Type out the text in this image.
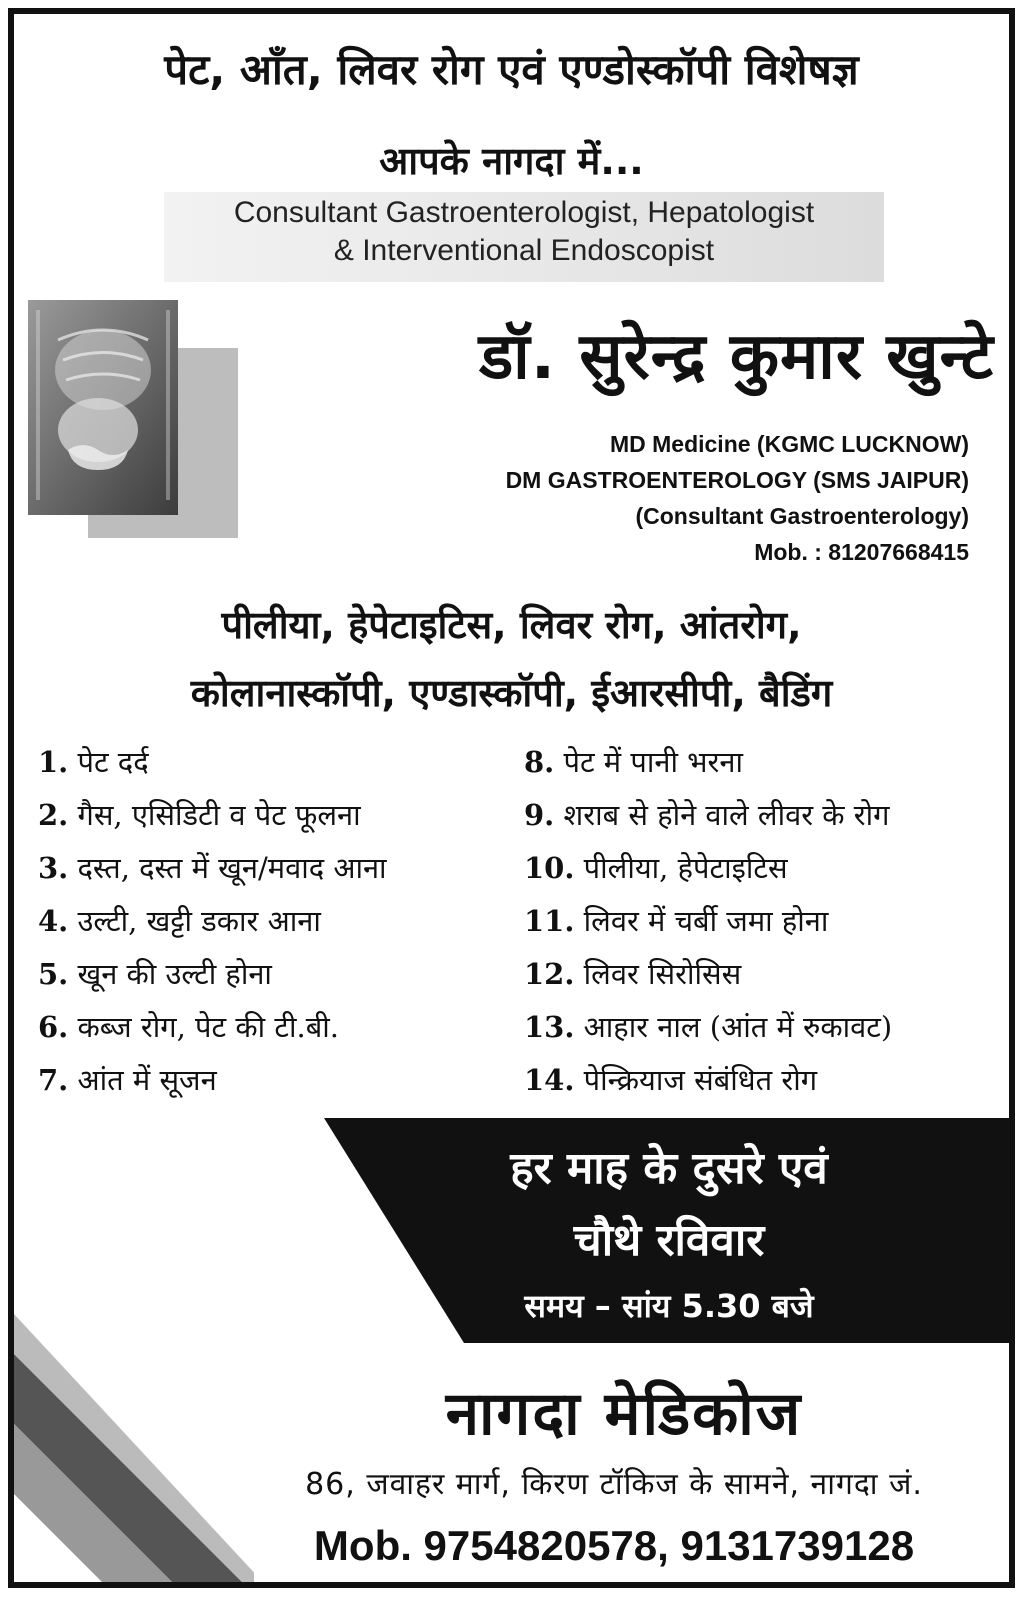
पेट, आँत, लिवर रोग एवं एण्डोस्कॉपी विशेषज्ञ
आपके नागदा में...
Consultant Gastroenterologist, Hepatologist
& Interventional Endoscopist
डॉ. सुरेन्द्र कुमार खुन्टे
MD Medicine (KGMC LUCKNOW)
DM GASTROENTEROLOGY (SMS JAIPUR)
(Consultant Gastroenterology)
Mob. : 81207668415
पीलीया, हेपेटाइटिस, लिवर रोग, आंतरोग,
कोलानास्कॉपी, एण्डास्कॉपी, ईआरसीपी, बैडिंग
1. पेट दर्द
2. गैस, एसिडिटी व पेट फूलना
3. दस्त, दस्त में खून/मवाद आना
4. उल्टी, खट्टी डकार आना
5. खून की उल्टी होना
6. कब्ज रोग, पेट की टी.बी.
7. आंत में सूजन
8. पेट में पानी भरना
9. शराब से होने वाले लीवर के रोग
10. पीलीया, हेपेटाइटिस
11. लिवर में चर्बी जमा होना
12. लिवर सिरोसिस
13. आहार नाल (आंत में रुकावट)
14. पेन्क्रियाज संबंधित रोग
हर माह के दुसरे एवं
चौथे रविवार
समय – सांय 5.30 बजे
नागदा मेडिकोज
86, जवाहर मार्ग, किरण टॉकिज के सामने, नागदा जं.
Mob. 9754820578, 9131739128
